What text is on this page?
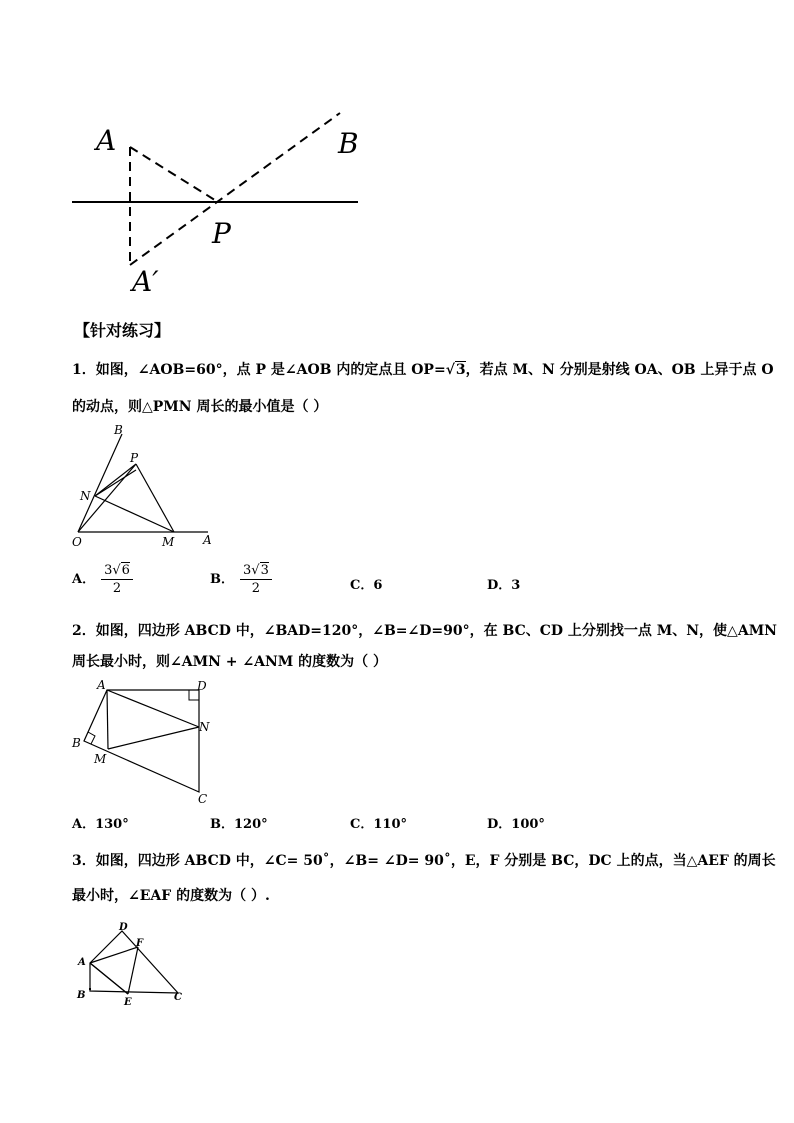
A	B
P
A′
【针对练习】
1．如图，∠AOB=60°，点 P 是∠AOB 内的定点且 OP=√3，若点 M、N 分别是射线 OA、OB 上异于点 O
的动点，则△PMN 周长的最小值是（ ）
B
P
N
O	M A
A． $\frac{3√6}{2}$	B． $\frac{3√3}{2}$	C．6	D．3
2．如图，四边形 ABCD 中，∠BAD=120°，∠B=∠D=90°，在 BC、CD 上分别找一点 M、N，使△AMN
周长最小时，则∠AMN + ∠ANM 的度数为（ ）
A	D
N
B
M
C
A．130°	B．120°	C．110°	D．100°
3．如图，四边形 ABCD 中，∠C= 50˚，∠B= ∠D= 90˚，E，F 分别是 BC，DC 上的点，当△AEF 的周长
最小时，∠EAF 的度数为（ ）.
D
F
A
B
E	C
